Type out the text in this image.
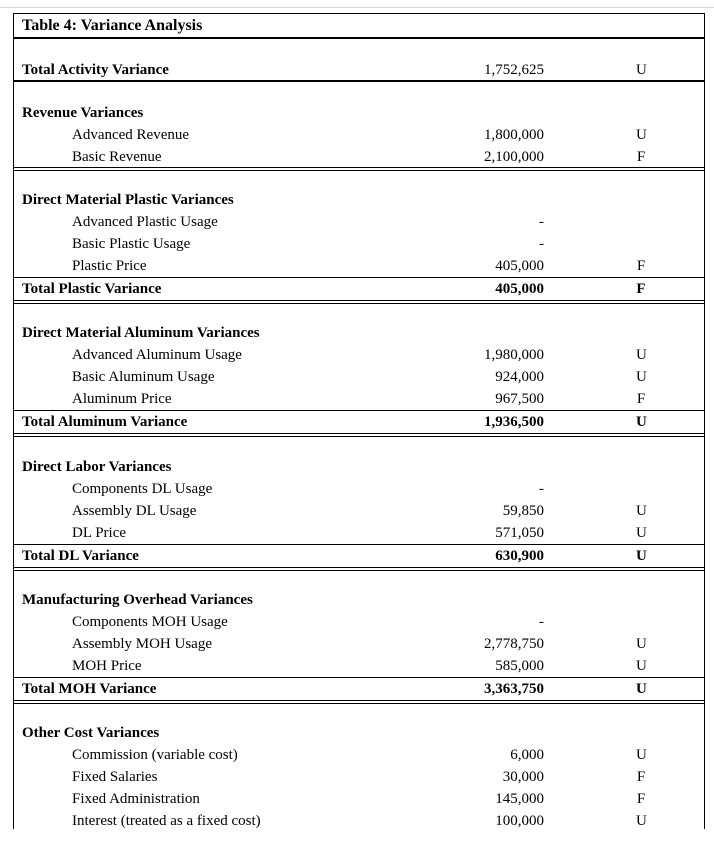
Table 4: Variance Analysis
Total Activity Variance	1,752,625	U
Revenue Variances
Advanced Revenue	1,800,000	U
Basic Revenue	2,100,000	F
Direct Material Plastic Variances
Advanced Plastic Usage	-
Basic Plastic Usage	-
Plastic Price	405,000	F
Total Plastic Variance	405,000	F
Direct Material Aluminum Variances
Advanced Aluminum Usage	1,980,000	U
Basic Aluminum Usage	924,000	U
Aluminum Price	967,500	F
Total Aluminum Variance	1,936,500	U
Direct Labor Variances
Components DL Usage	-
Assembly DL Usage	59,850	U
DL Price	571,050	U
Total DL Variance	630,900	U
Manufacturing Overhead Variances
Components MOH Usage	-
Assembly MOH Usage	2,778,750	U
MOH Price	585,000	U
Total MOH Variance	3,363,750	U
Other Cost Variances
Commission (variable cost)	6,000	U
Fixed Salaries	30,000	F
Fixed Administration	145,000	F
Interest (treated as a fixed cost)	100,000	U
